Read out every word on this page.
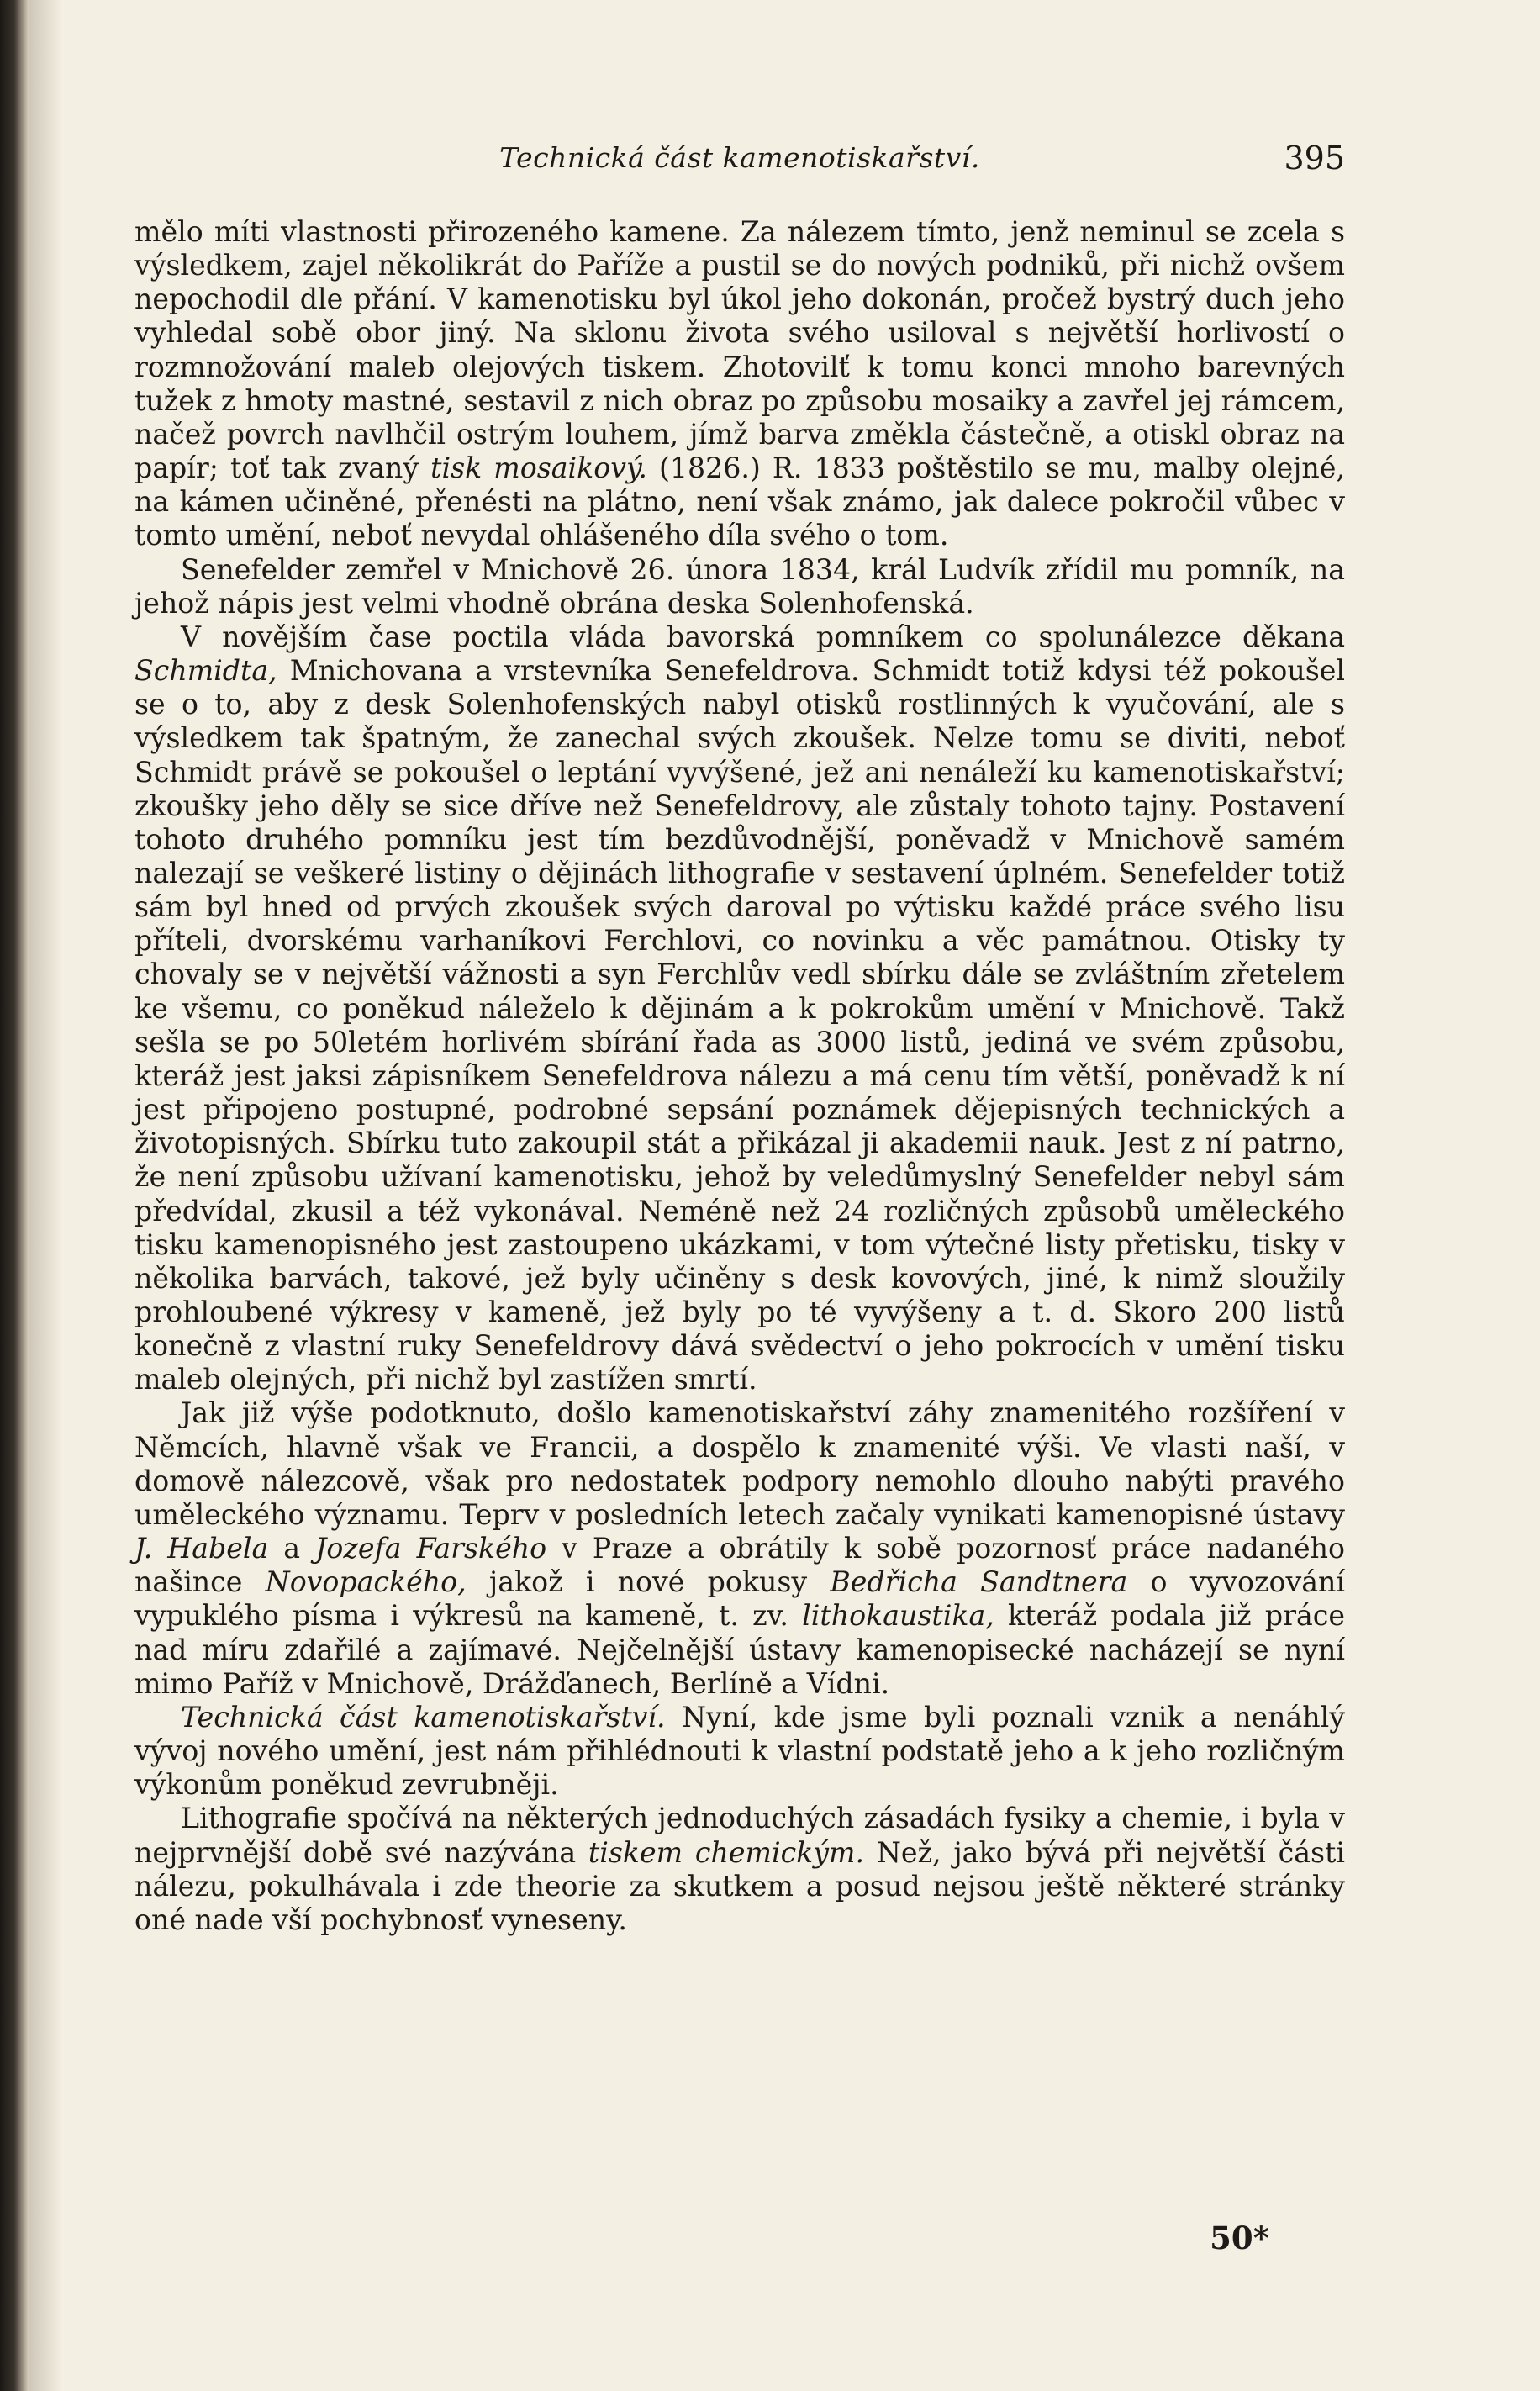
Technická část kamenotiskařství.	395

mělo míti vlastnosti přirozeného kamene. Za nálezem tímto, jenž neminul se zcela s výsledkem, zajel několikrát do Paříže a pustil se do nových podniků, při nichž ovšem nepochodil dle přání. V kamenotisku byl úkol jeho dokonán, pročež bystrý duch jeho vyhledal sobě obor jiný. Na sklonu života svého usiloval s největší horlivostí o rozmnožování maleb olejových tiskem. Zhotovilť k tomu konci mnoho barevných tužek z hmoty mastné, sestavil z nich obraz po způsobu mosaiky a zavřel jej rámcem, načež povrch navlhčil ostrým louhem, jímž barva změkla částečně, a otiskl obraz na papír; toť tak zvaný tisk mosaikový. (1826.) R. 1833 poštěstilo se mu, malby olejné, na kámen učiněné, přenésti na plátno, není však známo, jak dalece pokročil vůbec v tomto umění, neboť nevydal ohlášeného díla svého o tom.

Senefelder zemřel v Mnichově 26. února 1834, král Ludvík zřídil mu pomník, na jehož nápis jest velmi vhodně obrána deska Solenhofenská.

V novějším čase poctila vláda bavorská pomníkem co spolunálezce děkana Schmidta, Mnichovana a vrstevníka Senefeldrova. Schmidt totiž kdysi též pokoušel se o to, aby z desk Solenhofenských nabyl otisků rostlinných k vyučování, ale s výsledkem tak špatným, že zanechal svých zkoušek. Nelze tomu se diviti, neboť Schmidt právě se pokoušel o leptání vyvýšené, jež ani nenáleží ku kamenotiskařství; zkoušky jeho děly se sice dříve než Senefeldrovy, ale zůstaly tohoto tajny. Postavení tohoto druhého pomníku jest tím bezdůvodnější, poněvadž v Mnichově samém nalezají se veškeré listiny o dějinách lithografie v sestavení úplném. Senefelder totiž sám byl hned od prvých zkoušek svých daroval po výtisku každé práce svého lisu příteli, dvorskému varhaníkovi Ferchlovi, co novinku a věc památnou. Otisky ty chovaly se v největší vážnosti a syn Ferchlův vedl sbírku dále se zvláštním zřetelem ke všemu, co poněkud náleželo k dějinám a k pokrokům umění v Mnichově. Takž sešla se po 50letém horlivém sbírání řada as 3000 listů, jediná ve svém způsobu, kteráž jest jaksi zápisníkem Senefeldrova nálezu a má cenu tím větší, poněvadž k ní jest připojeno postupné, podrobné sepsání poznámek dějepisných technických a životopisných. Sbírku tuto zakoupil stát a přikázal ji akademii nauk. Jest z ní patrno, že není způsobu užívaní kamenotisku, jehož by veledůmyslný Senefelder nebyl sám předvídal, zkusil a též vykonával. Neméně než 24 rozličných způsobů uměleckého tisku kamenopisného jest zastoupeno ukázkami, v tom výtečné listy přetisku, tisky v několika barvách, takové, jež byly učiněny s desk kovových, jiné, k nimž sloužily prohloubené výkresy v kameně, jež byly po té vyvýšeny a t. d. Skoro 200 listů konečně z vlastní ruky Senefeldrovy dává svědectví o jeho pokrocích v umění tisku maleb olejných, při nichž byl zastížen smrtí.

Jak již výše podotknuto, došlo kamenotiskařství záhy znamenitého rozšíření v Němcích, hlavně však ve Francii, a dospělo k znamenité výši. Ve vlasti naší, v domově nálezcově, však pro nedostatek podpory nemohlo dlouho nabýti pravého uměleckého významu. Teprv v posledních letech začaly vynikati kamenopisné ústavy J. Habela a Jozefa Farského v Praze a obrátily k sobě pozornosť práce nadaného našince Novopackého, jakož i nové pokusy Bedřicha Sandtnera o vyvozování vypuklého písma i výkresů na kameně, t. zv. lithokaustika, kteráž podala již práce nad míru zdařilé a zajímavé. Nejčelnější ústavy kamenopisecké nacházejí se nyní mimo Paříž v Mnichově, Drážďanech, Berlíně a Vídni.

Technická část kamenotiskařství. Nyní, kde jsme byli poznali vznik a nenáhlý vývoj nového umění, jest nám přihlédnouti k vlastní podstatě jeho a k jeho rozličným výkonům poněkud zevrubněji.

Lithografie spočívá na některých jednoduchých zásadách fysiky a chemie, i byla v nejprvnější době své nazývána tiskem chemickým. Než, jako bývá při největší části nálezu, pokulhávala i zde theorie za skutkem a posud nejsou ještě některé stránky oné nade vší pochybnosť vyneseny.

50*
